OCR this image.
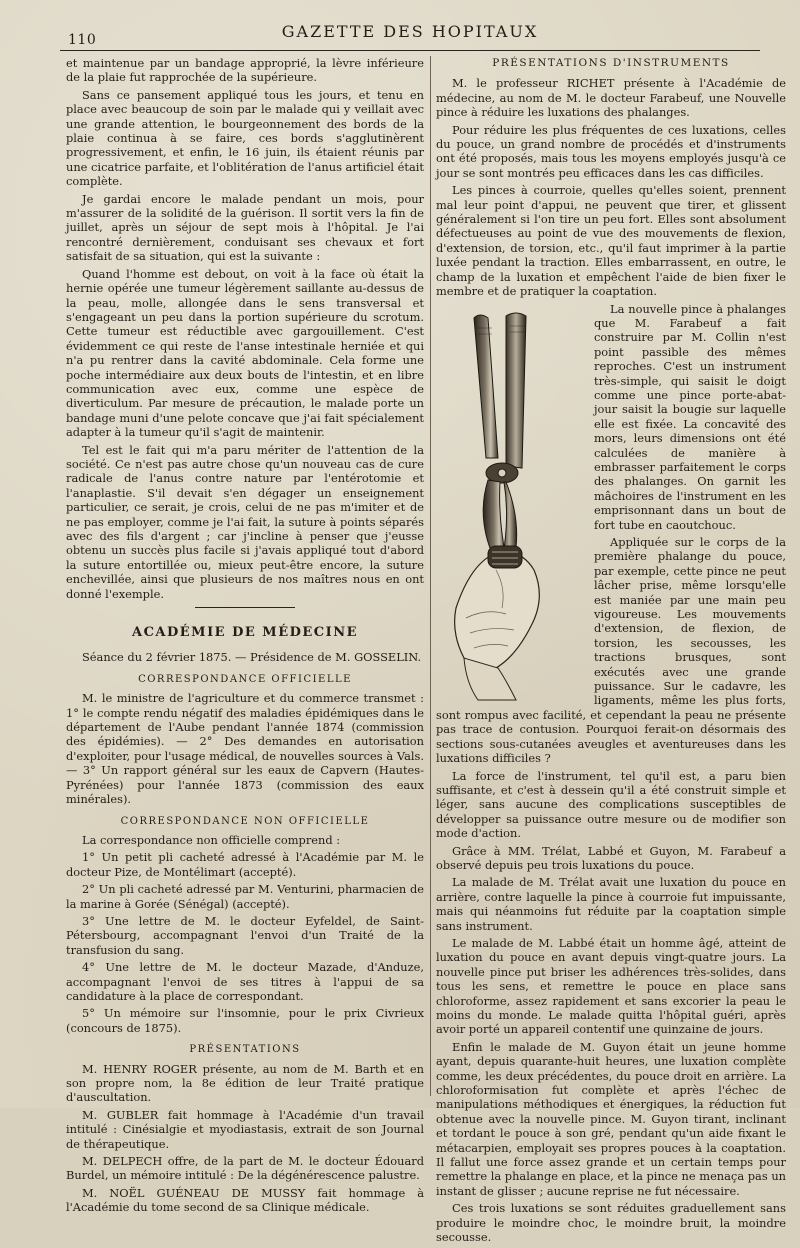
110	GAZETTE DES HOPITAUX

et maintenue par un bandage approprié, la lèvre inférieure de la plaie fut rapprochée de la supérieure.

Sans ce pansement appliqué tous les jours, et tenu en place avec beaucoup de soin par le malade qui y veillait avec une grande attention, le bourgeonnement des bords de la plaie continua à se faire, ces bords s'agglutinèrent progressivement, et enfin, le 16 juin, ils étaient réunis par une cicatrice parfaite, et l'oblitération de l'anus artificiel était complète.

Je gardai encore le malade pendant un mois, pour m'assurer de la solidité de la guérison. Il sortit vers la fin de juillet, après un séjour de sept mois à l'hôpital. Je l'ai rencontré dernièrement, conduisant ses chevaux et fort satisfait de sa situation, qui est la suivante :

Quand l'homme est debout, on voit à la face où était la hernie opérée une tumeur légèrement saillante au-dessus de la peau, molle, allongée dans le sens transversal et s'engageant un peu dans la portion supérieure du scrotum. Cette tumeur est réductible avec gargouillement. C'est évidemment ce qui reste de l'anse intestinale herniée et qui n'a pu rentrer dans la cavité abdominale. Cela forme une poche intermédiaire aux deux bouts de l'intestin, et en libre communication avec eux, comme une espèce de diverticulum. Par mesure de précaution, le malade porte un bandage muni d'une pelote concave que j'ai fait spécialement adapter à la tumeur qu'il s'agit de maintenir.

Tel est le fait qui m'a paru mériter de l'attention de la société. Ce n'est pas autre chose qu'un nouveau cas de cure radicale de l'anus contre nature par l'entérotomie et l'anaplastie. S'il devait s'en dégager un enseignement particulier, ce serait, je crois, celui de ne pas m'imiter et de ne pas employer, comme je l'ai fait, la suture à points séparés avec des fils d'argent ; car j'incline à penser que j'eusse obtenu un succès plus facile si j'avais appliqué tout d'abord la suture entortillée ou, mieux peut-être encore, la suture enchevillée, ainsi que plusieurs de nos maîtres nous en ont donné l'exemple.

ACADÉMIE DE MÉDECINE

Séance du 2 février 1875. — Présidence de M. GOSSELIN.

CORRESPONDANCE OFFICIELLE

M. le ministre de l'agriculture et du commerce transmet : 1° le compte rendu négatif des maladies épidémiques dans le département de l'Aube pendant l'année 1874 (commission des épidémies). — 2° Des demandes en autorisation d'exploiter, pour l'usage médical, de nouvelles sources à Vals. — 3° Un rapport général sur les eaux de Capvern (Hautes-Pyrénées) pour l'année 1873 (commission des eaux minérales).

CORRESPONDANCE NON OFFICIELLE

La correspondance non officielle comprend :

1° Un petit pli cacheté adressé à l'Académie par M. le docteur Pize, de Montélimart (accepté).

2° Un pli cacheté adressé par M. Venturini, pharmacien de la marine à Gorée (Sénégal) (accepté).

3° Une lettre de M. le docteur Eyfeldel, de Saint-Pétersbourg, accompagnant l'envoi d'un Traité de la transfusion du sang.

4° Une lettre de M. le docteur Mazade, d'Anduze, accompagnant l'envoi de ses titres à l'appui de sa candidature à la place de correspondant.

5° Un mémoire sur l'insomnie, pour le prix Civrieux (concours de 1875).

PRÉSENTATIONS

M. HENRY ROGER présente, au nom de M. Barth et en son propre nom, la 8e édition de leur Traité pratique d'auscultation.

M. GUBLER fait hommage à l'Académie d'un travail intitulé : Cinésialgie et myodiastasis, extrait de son Journal de thérapeutique.

M. DELPECH offre, de la part de M. le docteur Édouard Burdel, un mémoire intitulé : De la dégénérescence palustre.

M. NOËL GUÉNEAU DE MUSSY fait hommage à l'Académie du tome second de sa Clinique médicale.

PRÉSENTATIONS D'INSTRUMENTS

M. le professeur RICHET présente à l'Académie de médecine, au nom de M. le docteur Farabeuf, une Nouvelle pince à réduire les luxations des phalanges.

Pour réduire les plus fréquentes de ces luxations, celles du pouce, un grand nombre de procédés et d'instruments ont été proposés, mais tous les moyens employés jusqu'à ce jour se sont montrés peu efficaces dans les cas difficiles.

Les pinces à courroie, quelles qu'elles soient, prennent mal leur point d'appui, ne peuvent que tirer, et glissent généralement si l'on tire un peu fort. Elles sont absolument défectueuses au point de vue des mouvements de flexion, d'extension, de torsion, etc., qu'il faut imprimer à la partie luxée pendant la traction. Elles embarrassent, en outre, le champ de la luxation et empêchent l'aide de bien fixer le membre et de pratiquer la coaptation.

La nouvelle pince à phalanges que M. Farabeuf a fait construire par M. Collin n'est point passible des mêmes reproches. C'est un instrument très-simple, qui saisit le doigt comme une pince porte-abat-jour saisit la bougie sur laquelle elle est fixée. La concavité des mors, leurs dimensions ont été calculées de manière à embrasser parfaitement le corps des phalanges. On garnit les mâchoires de l'instrument en les emprisonnant dans un bout de fort tube en caoutchouc.

Appliquée sur le corps de la première phalange du pouce, par exemple, cette pince ne peut lâcher prise, même lorsqu'elle est maniée par une main peu vigoureuse. Les mouvements d'extension, de flexion, de torsion, les secousses, les tractions brusques, sont exécutés avec une grande puissance. Sur le cadavre, les ligaments, même les plus forts, sont rompus avec facilité, et cependant la peau ne présente pas trace de contusion. Pourquoi ferait-on désormais des sections sous-cutanées aveugles et aventureuses dans les luxations difficiles ?

La force de l'instrument, tel qu'il est, a paru bien suffisante, et c'est à dessein qu'il a été construit simple et léger, sans aucune des complications susceptibles de développer sa puissance outre mesure ou de modifier son mode d'action.

Grâce à MM. Trélat, Labbé et Guyon, M. Farabeuf a observé depuis peu trois luxations du pouce.

La malade de M. Trélat avait une luxation du pouce en arrière, contre laquelle la pince à courroie fut impuissante, mais qui néanmoins fut réduite par la coaptation simple sans instrument.

Le malade de M. Labbé était un homme âgé, atteint de luxation du pouce en avant depuis vingt-quatre jours. La nouvelle pince put briser les adhérences très-solides, dans tous les sens, et remettre le pouce en place sans chloroforme, assez rapidement et sans excorier la peau le moins du monde. Le malade quitta l'hôpital guéri, après avoir porté un appareil contentif une quinzaine de jours.

Enfin le malade de M. Guyon était un jeune homme ayant, depuis quarante-huit heures, une luxation complète comme, les deux précédentes, du pouce droit en arrière. La chloroformisation fut complète et après l'échec de manipulations méthodiques et énergiques, la réduction fut obtenue avec la nouvelle pince. M. Guyon tirant, inclinant et tordant le pouce à son gré, pendant qu'un aide fixant le métacarpien, employait ses propres pouces à la coaptation. Il fallut une force assez grande et un certain temps pour remettre la phalange en place, et la pince ne menaça pas un instant de glisser ; aucune reprise ne fut nécessaire.

Ces trois luxations se sont réduites graduellement sans produire le moindre choc, le moindre bruit, la moindre secousse.
